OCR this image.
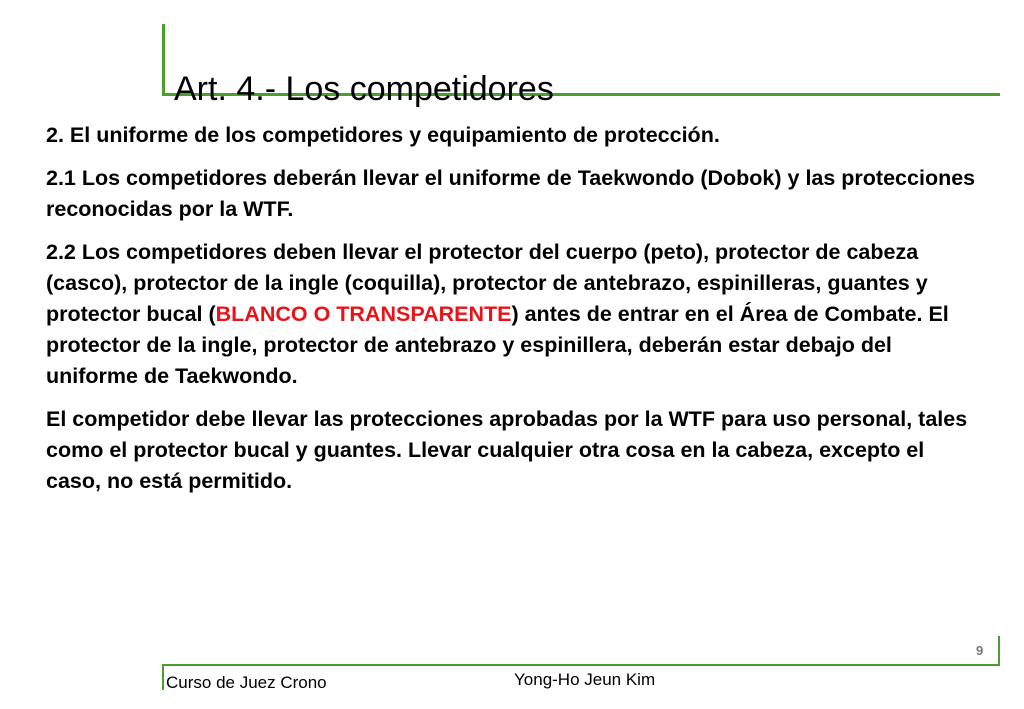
Art. 4.- Los competidores

2. El uniforme de los competidores y equipamiento de protección.

2.1 Los competidores deberán llevar el uniforme de Taekwondo (Dobok) y las protecciones reconocidas por la WTF.

2.2 Los competidores deben llevar el protector del cuerpo (peto), protector de cabeza (casco), protector de la ingle (coquilla), protector de antebrazo, espinilleras, guantes y protector bucal (BLANCO O TRANSPARENTE) antes de entrar en el Área de Combate. El protector de la ingle, protector de antebrazo y espinillera, deberán estar debajo del uniforme de Taekwondo.

El competidor debe llevar las protecciones aprobadas por la WTF para uso personal, tales como el protector bucal y guantes. Llevar cualquier otra cosa en la cabeza, excepto el caso, no está permitido.

9
Curso de Juez Crono	Yong-Ho Jeun Kim
